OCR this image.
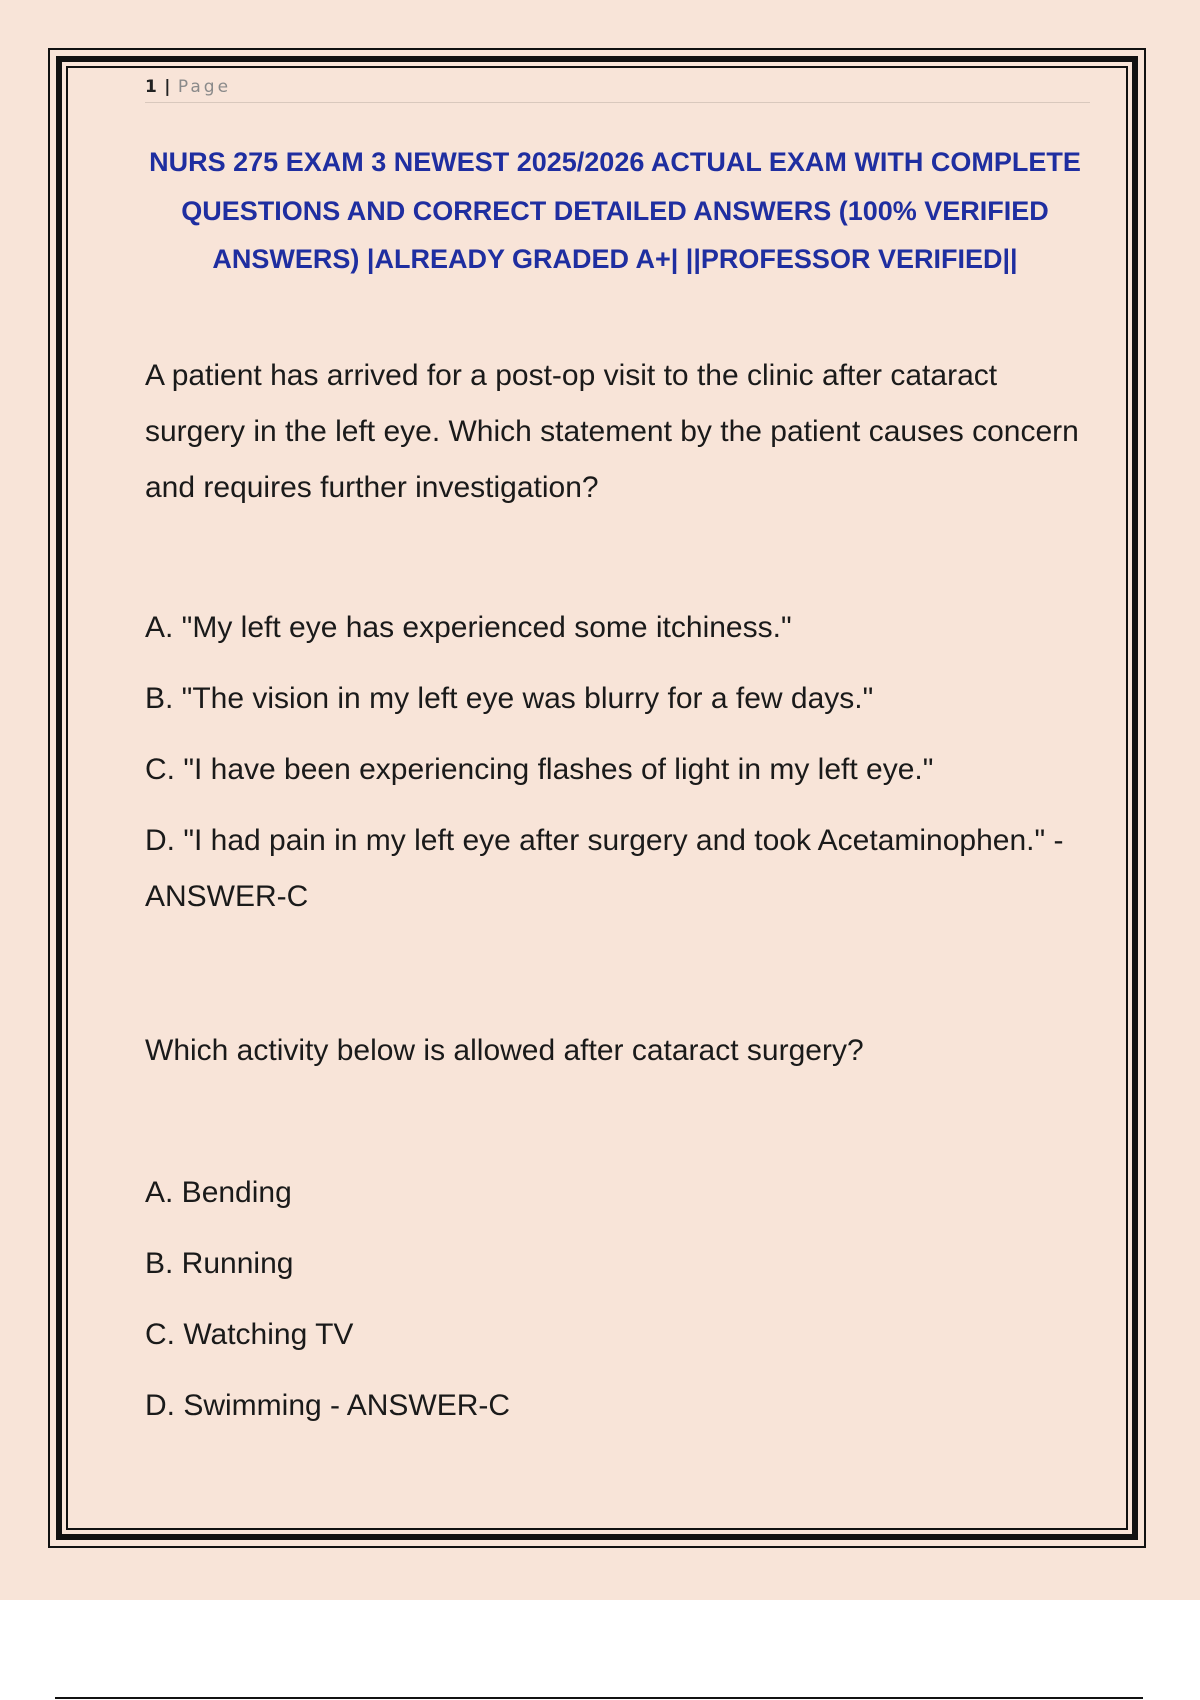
1 | Page
NURS 275 EXAM 3 NEWEST 2025/2026 ACTUAL EXAM WITH COMPLETE QUESTIONS AND CORRECT DETAILED ANSWERS (100% VERIFIED ANSWERS) |ALREADY GRADED A+| ||PROFESSOR VERIFIED||

A patient has arrived for a post-op visit to the clinic after cataract surgery in the left eye. Which statement by the patient causes concern and requires further investigation?

A. "My left eye has experienced some itchiness."

B. "The vision in my left eye was blurry for a few days."

C. "I have been experiencing flashes of light in my left eye."

D. "I had pain in my left eye after surgery and took Acetaminophen." - ANSWER-C

Which activity below is allowed after cataract surgery?

A. Bending

B. Running

C. Watching TV

D. Swimming - ANSWER-C
